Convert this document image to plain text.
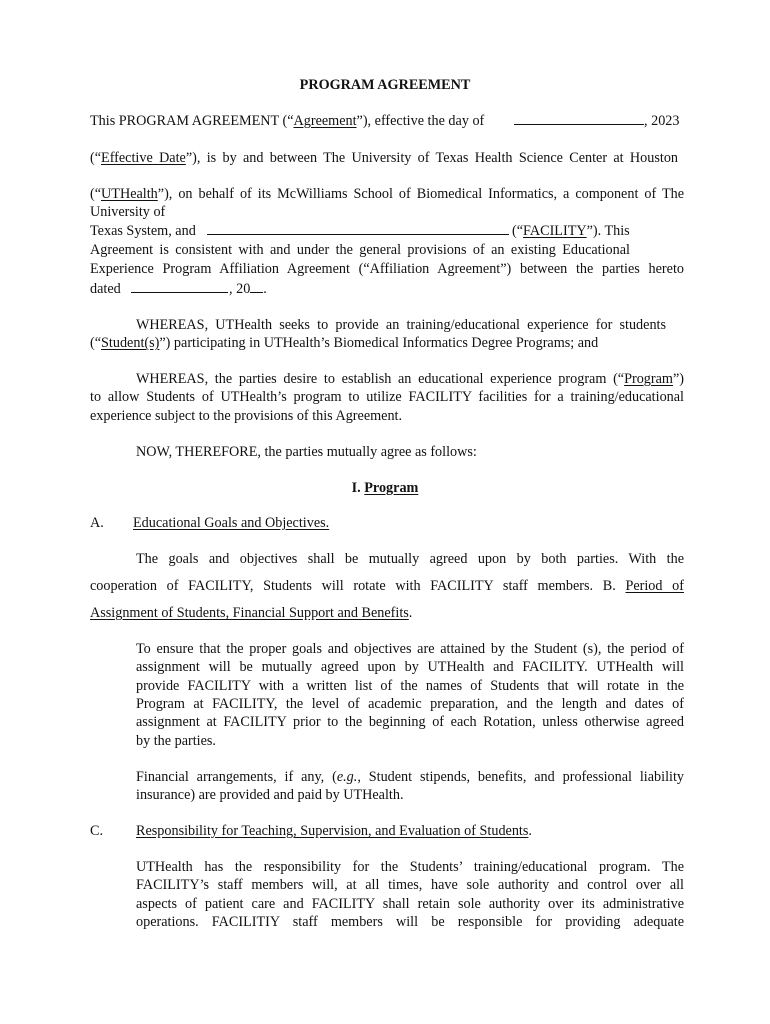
PROGRAM AGREEMENT
This PROGRAM AGREEMENT (“Agreement”), effective the day of	, 2023
(“Effective Date”), is by and between The University of Texas Health Science Center at Houston
(“UTHealth”), on behalf of its McWilliams School of Biomedical Informatics, a component of The
University of
Texas System, and	(“FACILITY”). This
Agreement is consistent with and under the general provisions of an existing Educational
Experience Program Affiliation Agreement (“Affiliation Agreement”) between the parties hereto
dated	, 20 .
WHEREAS, UTHealth seeks to provide an training/educational experience for students
(“Student(s)”) participating in UTHealth’s Biomedical Informatics Degree Programs; and
WHEREAS, the parties desire to establish an educational experience program (“Program”)
to allow Students of UTHealth’s program to utilize FACILITY facilities for a training/educational
experience subject to the provisions of this Agreement.
NOW, THEREFORE, the parties mutually agree as follows:
I. Program
A. Educational Goals and Objectives.
The goals and objectives shall be mutually agreed upon by both parties. With the
cooperation of FACILITY, Students will rotate with FACILITY staff members. B. Period of
Assignment of Students, Financial Support and Benefits.
To ensure that the proper goals and objectives are attained by the Student (s), the period of
assignment will be mutually agreed upon by UTHealth and FACILITY. UTHealth will
provide FACILITY with a written list of the names of Students that will rotate in the
Program at FACILITY, the level of academic preparation, and the length and dates of
assignment at FACILITY prior to the beginning of each Rotation, unless otherwise agreed
by the parties.
Financial arrangements, if any, (e.g., Student stipends, benefits, and professional liability
insurance) are provided and paid by UTHealth.
C. Responsibility for Teaching, Supervision, and Evaluation of Students.
UTHealth has the responsibility for the Students’ training/educational program. The
FACILITY’s staff members will, at all times, have sole authority and control over all
aspects of patient care and FACILITY shall retain sole authority over its administrative
operations. FACILITIY staff members will be responsible for providing adequate
